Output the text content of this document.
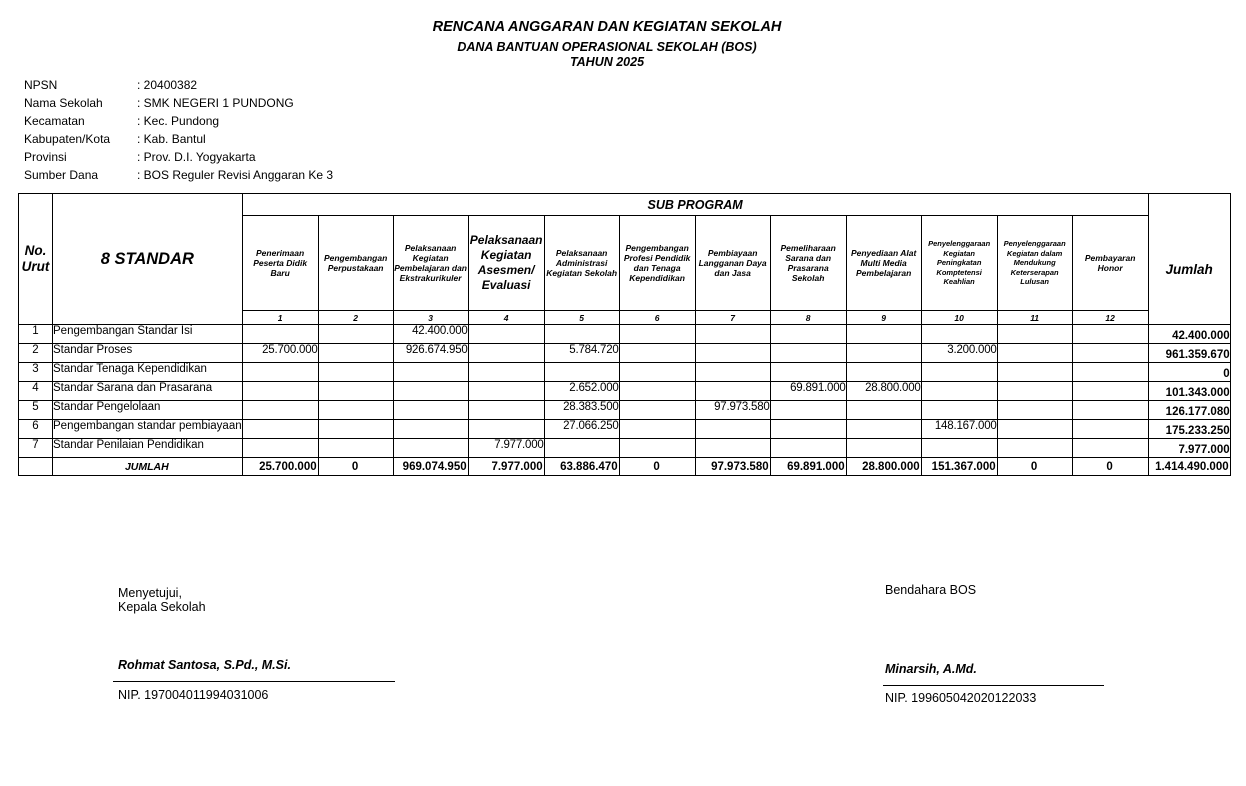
RENCANA ANGGARAN DAN KEGIATAN SEKOLAH
DANA BANTUAN OPERASIONAL SEKOLAH (BOS)
TAHUN 2025
NPSN	: 20400382
Nama Sekolah	: SMK NEGERI 1 PUNDONG
Kecamatan	: Kec. Pundong
Kabupaten/Kota	: Kab. Bantul
Provinsi	: Prov. D.I. Yogyakarta
Sumber Dana	: BOS Reguler Revisi Anggaran Ke 3
No. Urut	8 STANDAR	SUB PROGRAM												
		Penerimaan Peserta Didik Baru	Pengembangan Perpustakaan	Pelaksanaan Kegiatan Pembelajaran dan Ekstrakurikuler	Pelaksanaan Kegiatan Asesmen/ Evaluasi	Pelaksanaan Administrasi Kegiatan Sekolah	Pengembangan Profesi Pendidik dan Tenaga Kependidikan	Pembiayaan Langganan Daya dan Jasa	Pemeliharaan Sarana dan Prasarana Sekolah	Penyediaan Alat Multi Media Pembelajaran	Penyelenggaraan Kegiatan Peningkatan Komptetensi Keahlian	Penyelenggaraan Kegiatan dalam Mendukung Keterserapan Lulusan	Pembayaran Honor	Jumlah
		1	2	3	4	5	6	7	8	9	10	11	12	
1	Pengembangan Standar Isi			42.400.000										42.400.000
2	Standar Proses	25.700.000		926.674.950		5.784.720					3.200.000			961.359.670
3	Standar Tenaga Kependidikan													0
4	Standar Sarana dan Prasarana					2.652.000			69.891.000	28.800.000				101.343.000
5	Standar Pengelolaan					28.383.500		97.973.580						126.177.080
6	Pengembangan standar pembiayaan					27.066.250					148.167.000			175.233.250
7	Standar Penilaian Pendidikan				7.977.000									7.977.000
	JUMLAH	25.700.000	0	969.074.950	7.977.000	63.886.470	0	97.973.580	69.891.000	28.800.000	151.367.000	0	0	1.414.490.000
Menyetujui,
Kepala Sekolah
Rohmat Santosa, S.Pd., M.Si.
NIP. 197004011994031006
Bendahara BOS
Minarsih, A.Md.
NIP. 199605042020122033
